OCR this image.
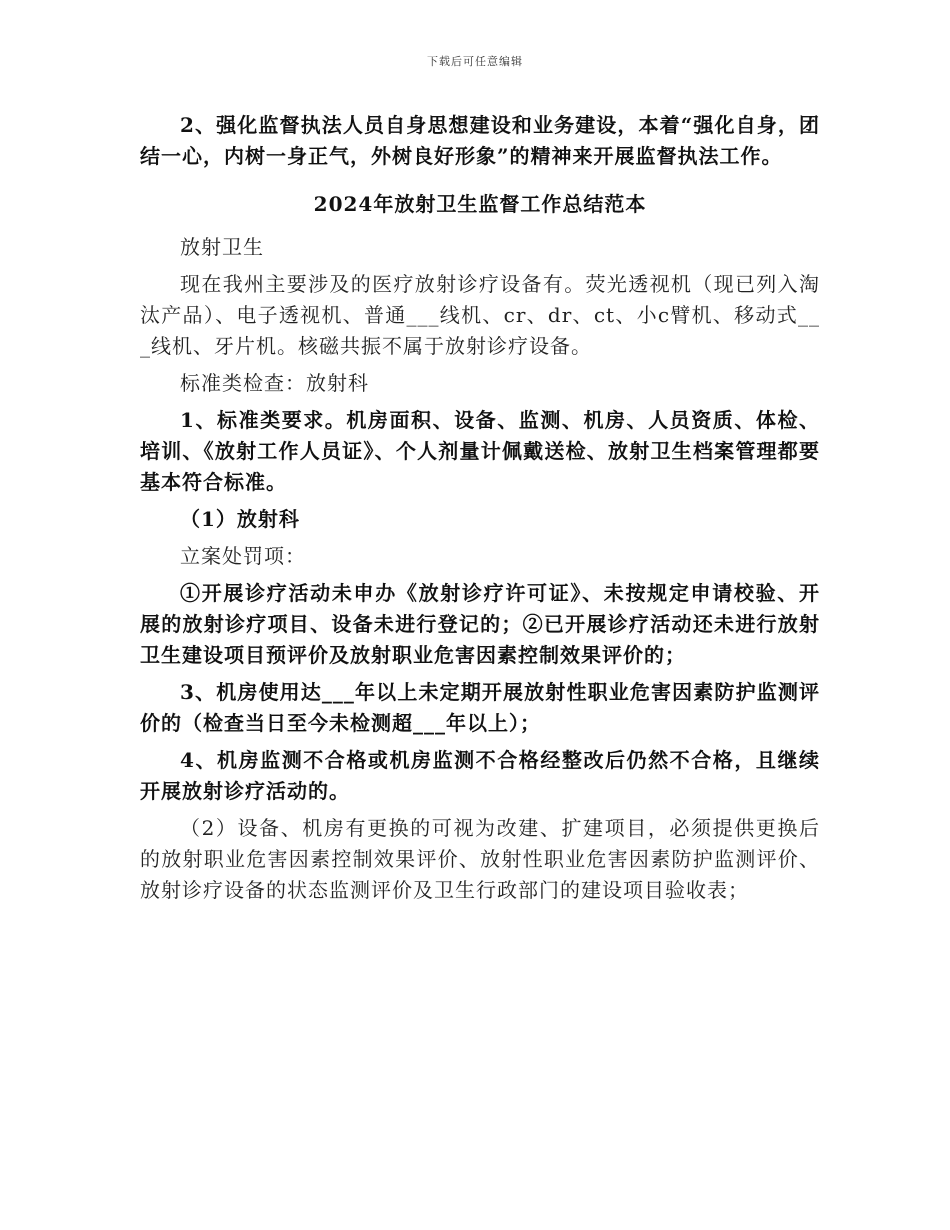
下载后可任意编辑

2、强化监督执法人员自身思想建设和业务建设，本着“强化自身，团结一心，内树一身正气，外树良好形象”的精神来开展监督执法工作。

2024年放射卫生监督工作总结范本

放射卫生

现在我州主要涉及的医疗放射诊疗设备有。荧光透视机（现已列入淘汰产品）、电子透视机、普通___线机、cr、dr、ct、小c臂机、移动式___线机、牙片机。核磁共振不属于放射诊疗设备。

标准类检查：放射科

1、标准类要求。机房面积、设备、监测、机房、人员资质、体检、培训、《放射工作人员证》、个人剂量计佩戴送检、放射卫生档案管理都要基本符合标准。

（1）放射科

立案处罚项：

①开展诊疗活动未申办《放射诊疗许可证》、未按规定申请校验、开展的放射诊疗项目、设备未进行登记的；②已开展诊疗活动还未进行放射卫生建设项目预评价及放射职业危害因素控制效果评价的；

3、机房使用达___年以上未定期开展放射性职业危害因素防护监测评价的（检查当日至今未检测超___年以上）；

4、机房监测不合格或机房监测不合格经整改后仍然不合格，且继续开展放射诊疗活动的。

（2）设备、机房有更换的可视为改建、扩建项目，必须提供更换后的放射职业危害因素控制效果评价、放射性职业危害因素防护监测评价、放射诊疗设备的状态监测评价及卫生行政部门的建设项目验收表；
